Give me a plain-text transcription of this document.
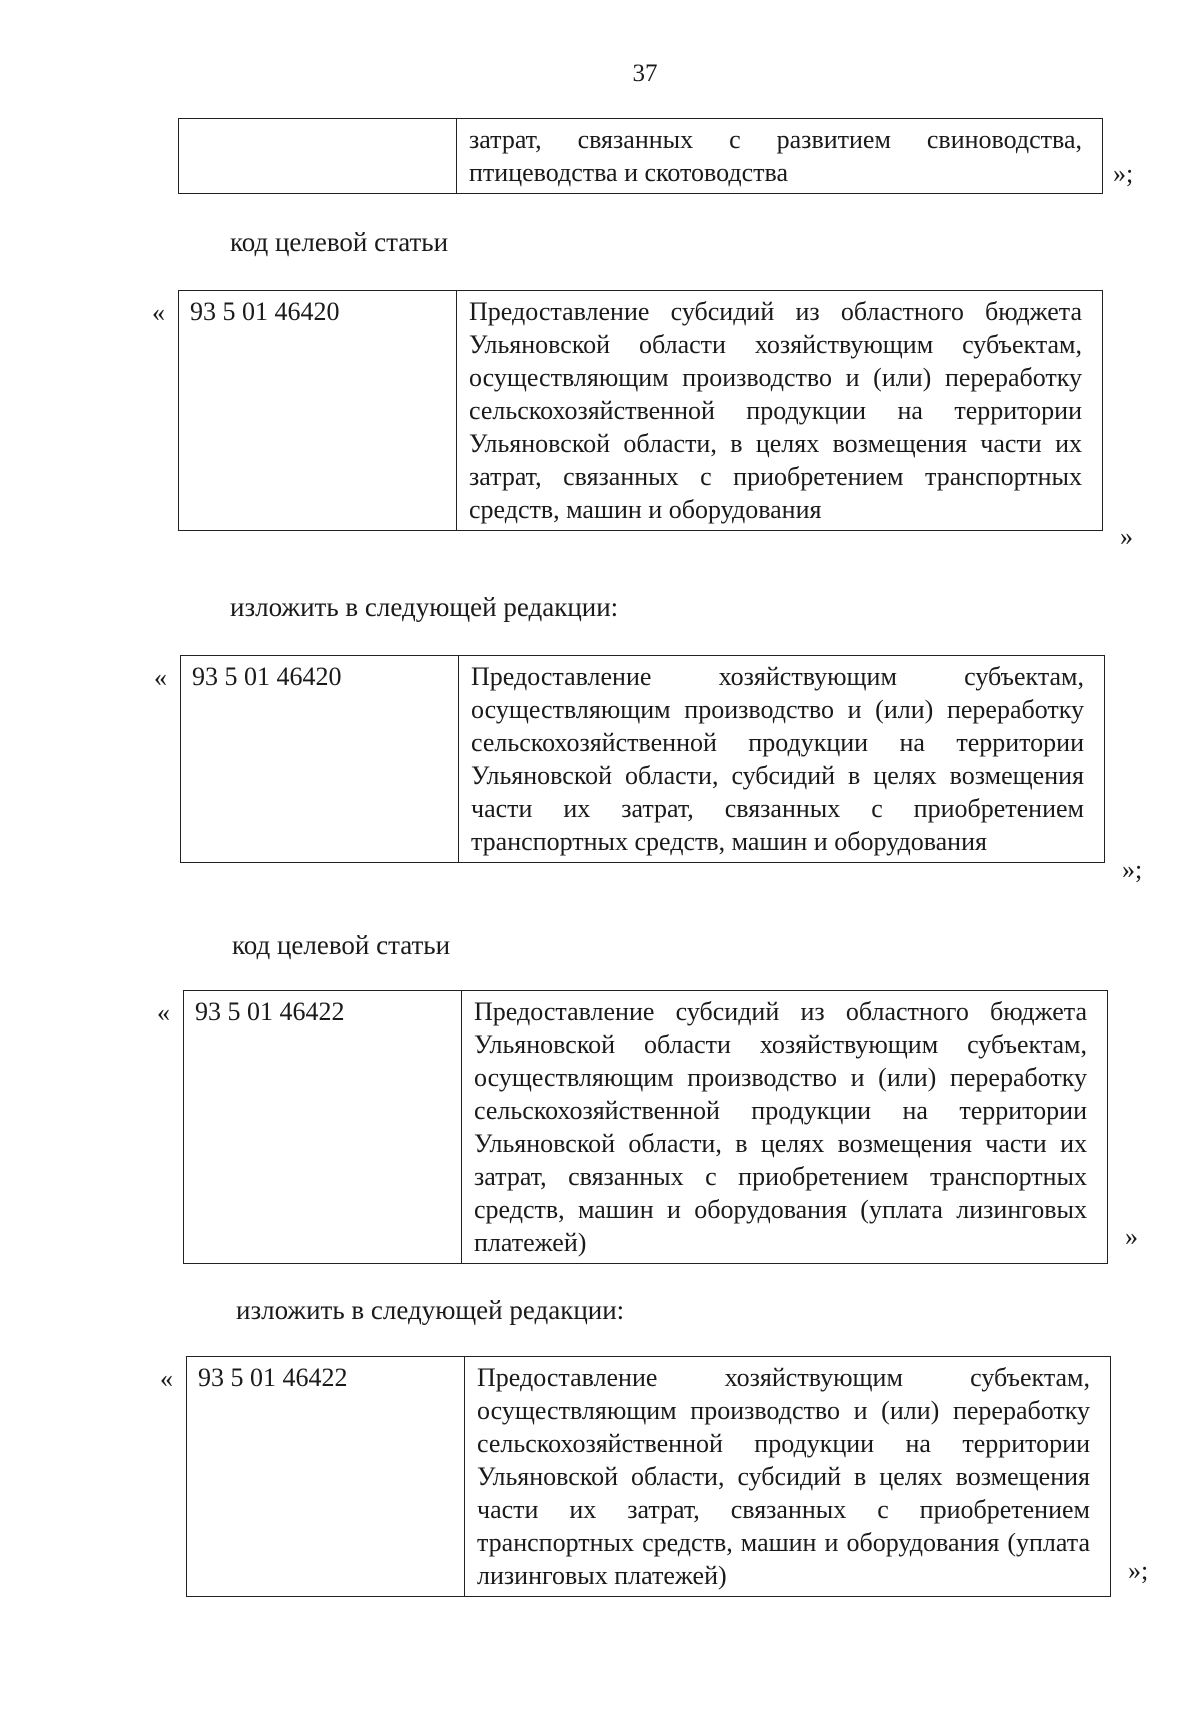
37
	затрат, связанных с развитием свиноводства, птицеводства и скотоводства	»;
код целевой статьи
« 93 5 01 46420	Предоставление субсидий из областного бюджета Ульяновской области хозяйствующим субъектам, осуществляющим производство и (или) переработку сельскохозяйственной продукции на территории Ульяновской области, в целях возмещения части их затрат, связанных с приобретением транспортных средств, машин и оборудования
»
изложить в следующей редакции:
« 93 5 01 46420	Предоставление хозяйствующим субъектам, осуществляющим производство и (или) переработку сельскохозяйственной продукции на территории Ульяновской области, субсидий в целях возмещения части их затрат, связанных с приобретением транспортных средств, машин и оборудования
»;
код целевой статьи
« 93 5 01 46422	Предоставление субсидий из областного бюджета Ульяновской области хозяйствующим субъектам, осуществляющим производство и (или) переработку сельскохозяйственной продукции на территории Ульяновской области, в целях возмещения части их затрат, связанных с приобретением транспортных средств, машин и оборудования (уплата лизинговых платежей)	»
изложить в следующей редакции:
« 93 5 01 46422	Предоставление хозяйствующим субъектам, осуществляющим производство и (или) переработку сельскохозяйственной продукции на территории Ульяновской области, субсидий в целях возмещения части их затрат, связанных с приобретением транспортных средств, машин и оборудования (уплата лизинговых платежей)	»;
